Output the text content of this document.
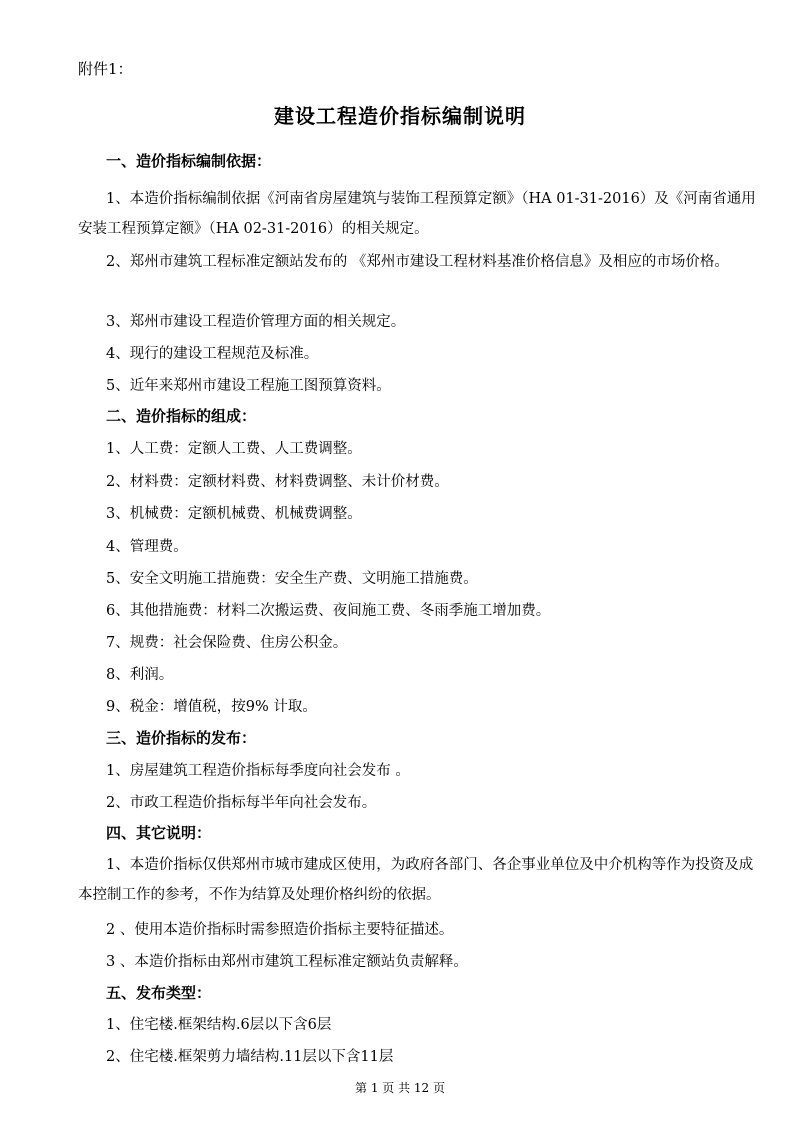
附件1：
建设工程造价指标编制说明
一、造价指标编制依据：
1、本造价指标编制依据《河南省房屋建筑与装饰工程预算定额》（HA 01-31-2016）及《河南省通用安装工程预算定额》（HA 02-31-2016）的相关规定。
2、郑州市建筑工程标准定额站发布的 《郑州市建设工程材料基准价格信息》及相应的市场价格。
3、郑州市建设工程造价管理方面的相关规定。
4、现行的建设工程规范及标准。
5、近年来郑州市建设工程施工图预算资料。
二、造价指标的组成：
1、人工费：定额人工费、人工费调整。
2、材料费：定额材料费、材料费调整、未计价材费。
3、机械费：定额机械费、机械费调整。
4、管理费。
5、安全文明施工措施费：安全生产费、文明施工措施费。
6、其他措施费：材料二次搬运费、夜间施工费、冬雨季施工增加费。
7、规费：社会保险费、住房公积金。
8、利润。
9、税金：增值税，按9% 计取。
三、造价指标的发布：
1、房屋建筑工程造价指标每季度向社会发布 。
2、市政工程造价指标每半年向社会发布。
四、其它说明：
1、本造价指标仅供郑州市城市建成区使用，为政府各部门、各企事业单位及中介机构等作为投资及成本控制工作的参考，不作为结算及处理价格纠纷的依据。
2 、使用本造价指标时需参照造价指标主要特征描述。
3 、本造价指标由郑州市建筑工程标准定额站负责解释。
五、发布类型：
1、住宅楼.框架结构.6层以下含6层
2、住宅楼.框架剪力墙结构.11层以下含11层
第 1 页 共 12 页
